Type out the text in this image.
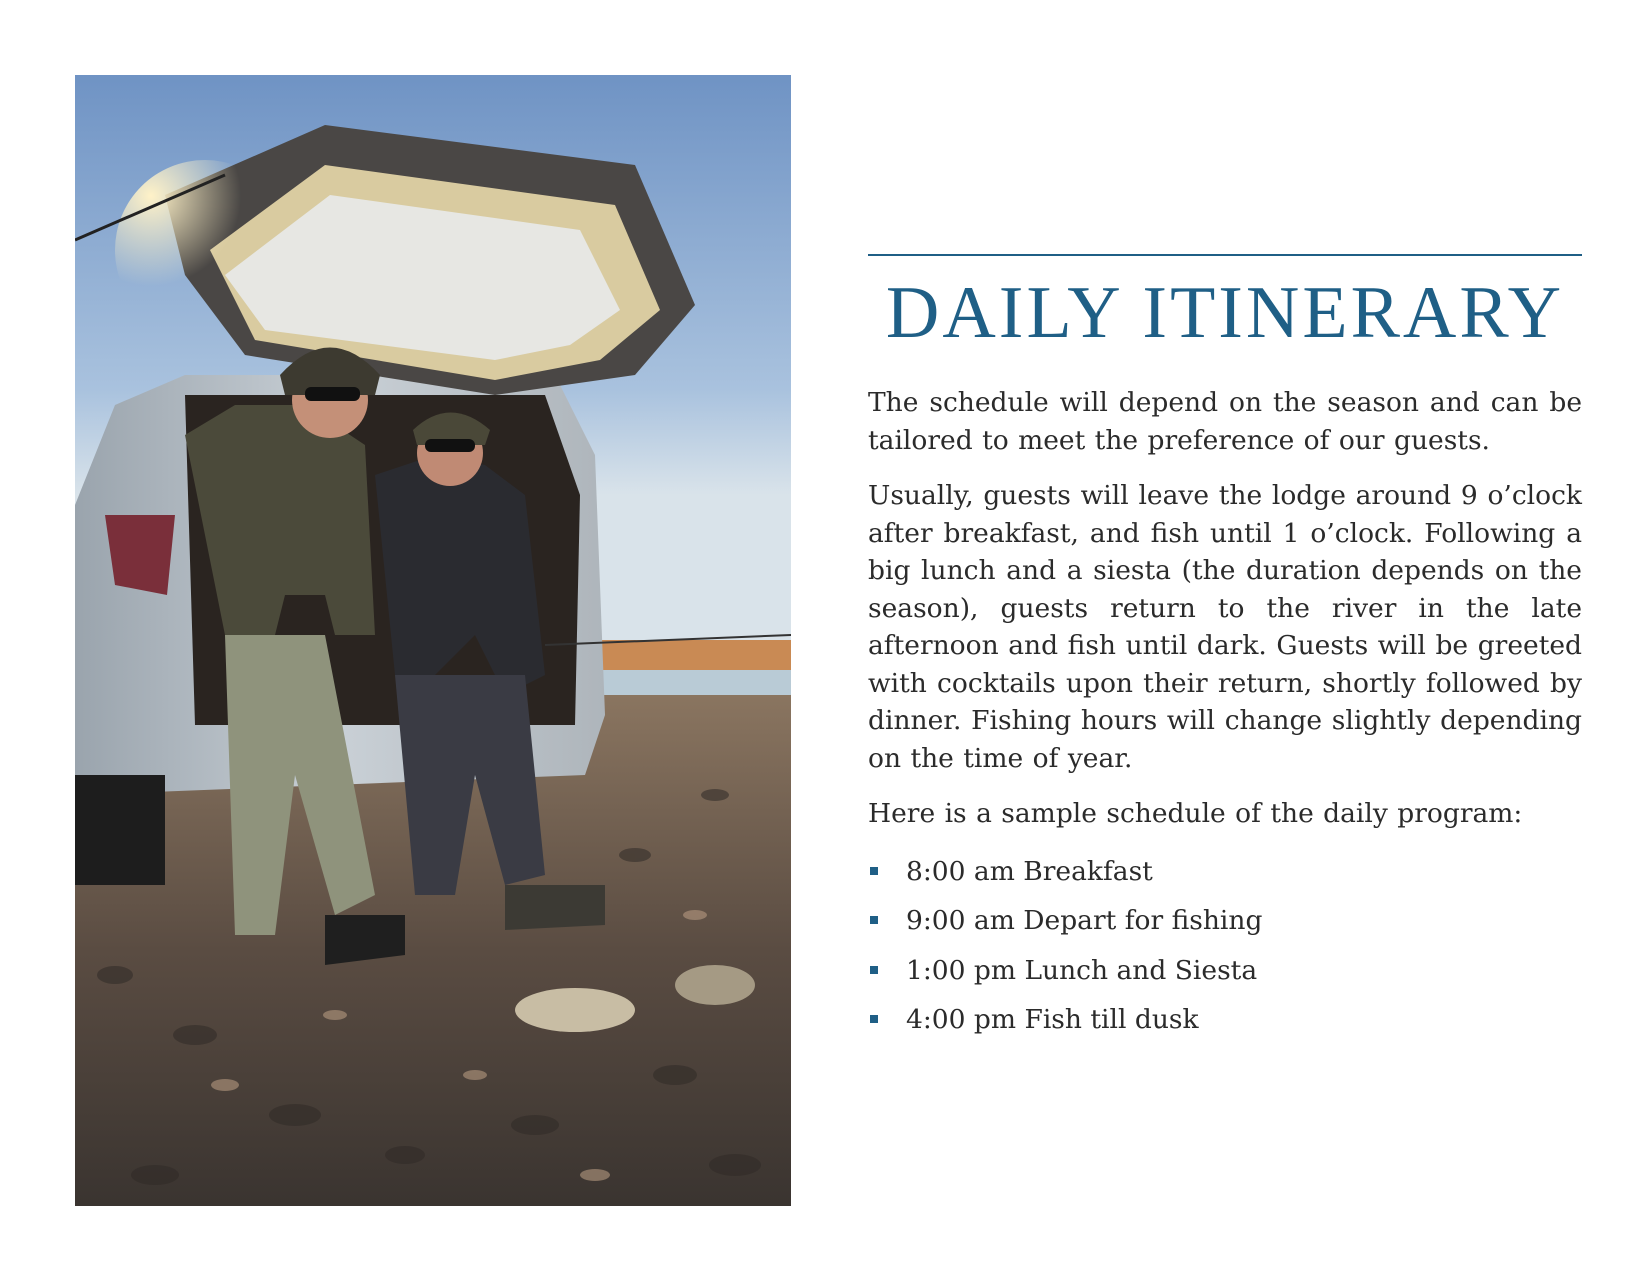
DAILY ITINERARY

The schedule will depend on the season and can be tailored to meet the preference of our guests.

Usually, guests will leave the lodge around 9 o’clock after breakfast, and fish until 1 o’clock. Following a big lunch and a siesta (the duration depends on the season), guests return to the river in the late afternoon and fish until dark. Guests will be greeted with cocktails upon their return, shortly followed by dinner. Fishing hours will change slightly depending on the time of year.

Here is a sample schedule of the daily program:

8:00 am Breakfast
9:00 am Depart for fishing
1:00 pm Lunch and Siesta
4:00 pm Fish till dusk
